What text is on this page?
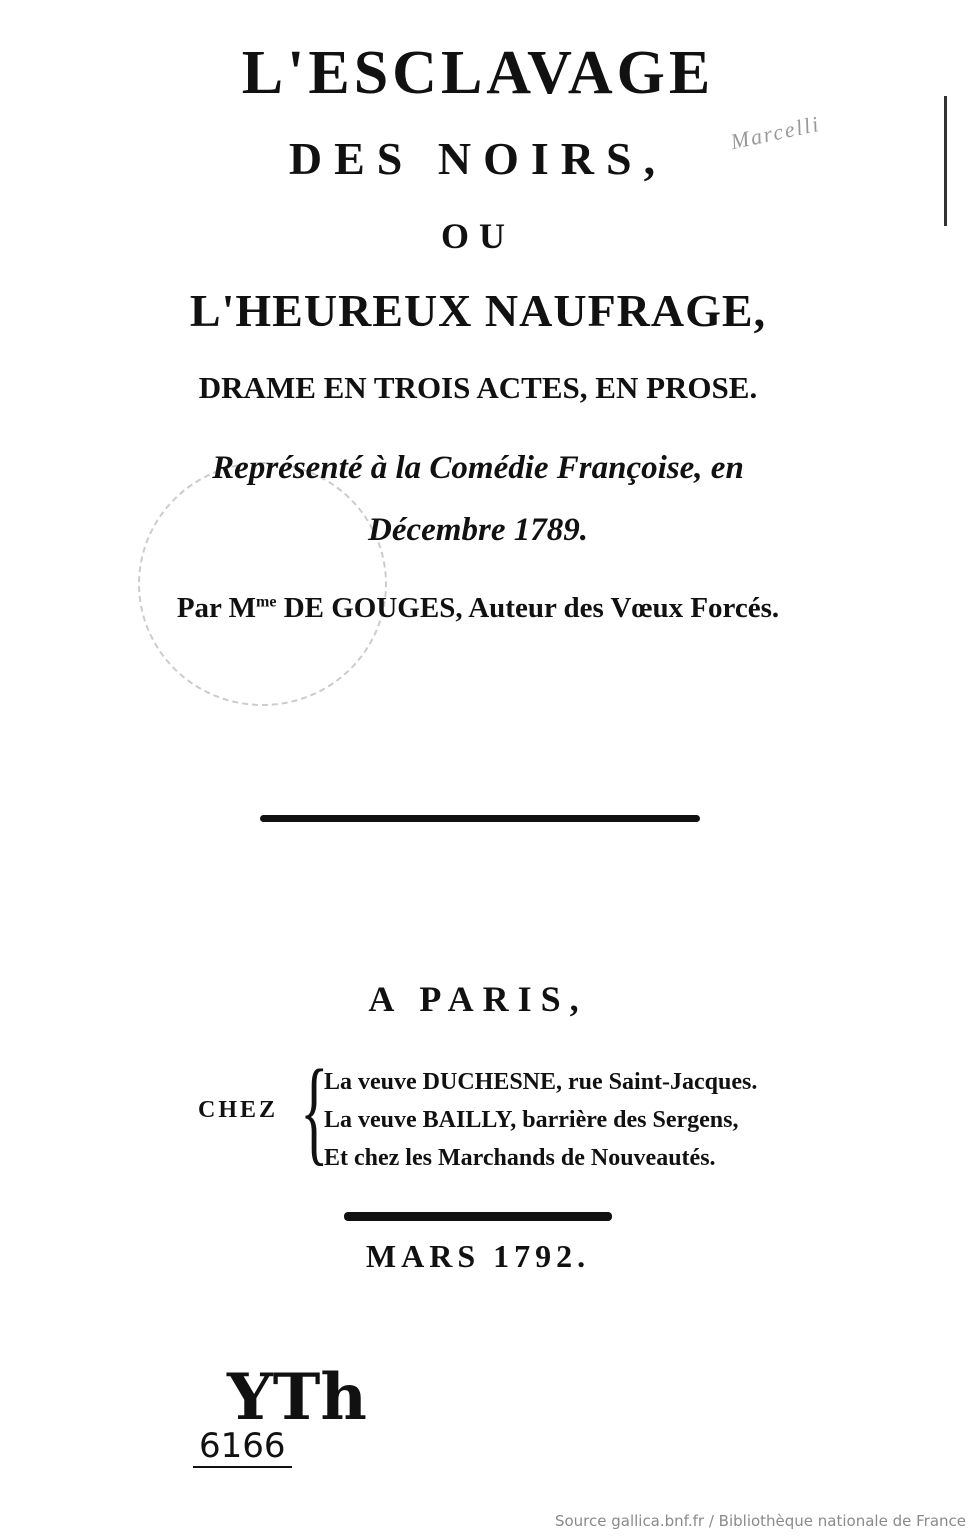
Marcelli
L'ESCLAVAGE
DES NOIRS,
OU
L'HEUREUX NAUFRAGE,
DRAME EN TROIS ACTES, EN PROSE.
Représenté à la Comédie Françoise, en
Décembre 1789.
Par $M^{me}$ DE GOUGES, Auteur des Vœux Forcés.
A PARIS,
CHEZ {
La veuve DUCHESNE, rue Saint-Jacques.
La veuve BAILLY, barrière des Sergens,
Et chez les Marchands de Nouveautés.
MARS 1792.
YTh
6166
Source gallica.bnf.fr / Bibliothèque nationale de France
